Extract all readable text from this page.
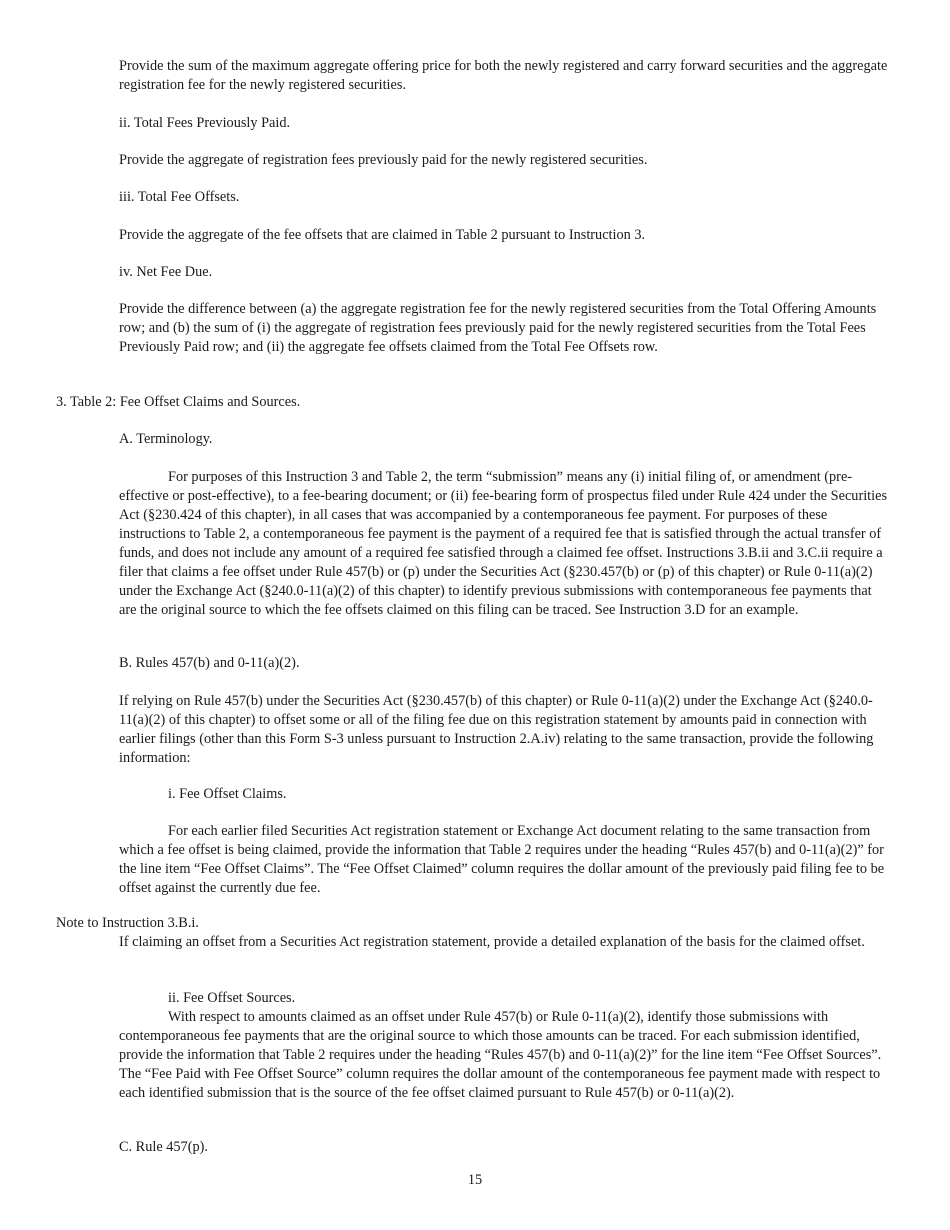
Provide the sum of the maximum aggregate offering price for both the newly registered and carry forward securities and the aggregate registration fee for the newly registered securities.

ii. Total Fees Previously Paid.

Provide the aggregate of registration fees previously paid for the newly registered securities.

iii. Total Fee Offsets.

Provide the aggregate of the fee offsets that are claimed in Table 2 pursuant to Instruction 3.

iv. Net Fee Due.

Provide the difference between (a) the aggregate registration fee for the newly registered securities from the Total Offering Amounts row; and (b) the sum of (i) the aggregate of registration fees previously paid for the newly registered securities from the Total Fees Previously Paid row; and (ii) the aggregate fee offsets claimed from the Total Fee Offsets row.

3. Table 2: Fee Offset Claims and Sources.

A. Terminology.

For purposes of this Instruction 3 and Table 2, the term “submission” means any (i) initial filing of, or amendment (pre-effective or post-effective), to a fee-bearing document; or (ii) fee-bearing form of prospectus filed under Rule 424 under the Securities Act (§230.424 of this chapter), in all cases that was accompanied by a contemporaneous fee payment. For purposes of these instructions to Table 2, a contemporaneous fee payment is the payment of a required fee that is satisfied through the actual transfer of funds, and does not include any amount of a required fee satisfied through a claimed fee offset. Instructions 3.B.ii and 3.C.ii require a filer that claims a fee offset under Rule 457(b) or (p) under the Securities Act (§230.457(b) or (p) of this chapter) or Rule 0-11(a)(2) under the Exchange Act (§240.0-11(a)(2) of this chapter) to identify previous submissions with contemporaneous fee payments that are the original source to which the fee offsets claimed on this filing can be traced. See Instruction 3.D for an example.

B. Rules 457(b) and 0-11(a)(2).

If relying on Rule 457(b) under the Securities Act (§230.457(b) of this chapter) or Rule 0-11(a)(2) under the Exchange Act (§240.0-11(a)(2) of this chapter) to offset some or all of the filing fee due on this registration statement by amounts paid in connection with earlier filings (other than this Form S-3 unless pursuant to Instruction 2.A.iv) relating to the same transaction, provide the following information:

i. Fee Offset Claims.

For each earlier filed Securities Act registration statement or Exchange Act document relating to the same transaction from which a fee offset is being claimed, provide the information that Table 2 requires under the heading “Rules 457(b) and 0-11(a)(2)” for the line item “Fee Offset Claims”. The “Fee Offset Claimed” column requires the dollar amount of the previously paid filing fee to be offset against the currently due fee.

Note to Instruction 3.B.i.

If claiming an offset from a Securities Act registration statement, provide a detailed explanation of the basis for the claimed offset.

ii. Fee Offset Sources.

With respect to amounts claimed as an offset under Rule 457(b) or Rule 0-11(a)(2), identify those submissions with contemporaneous fee payments that are the original source to which those amounts can be traced. For each submission identified, provide the information that Table 2 requires under the heading “Rules 457(b) and 0-11(a)(2)” for the line item “Fee Offset Sources”. The “Fee Paid with Fee Offset Source” column requires the dollar amount of the contemporaneous fee payment made with respect to each identified submission that is the source of the fee offset claimed pursuant to Rule 457(b) or 0-11(a)(2).

C. Rule 457(p).

15
